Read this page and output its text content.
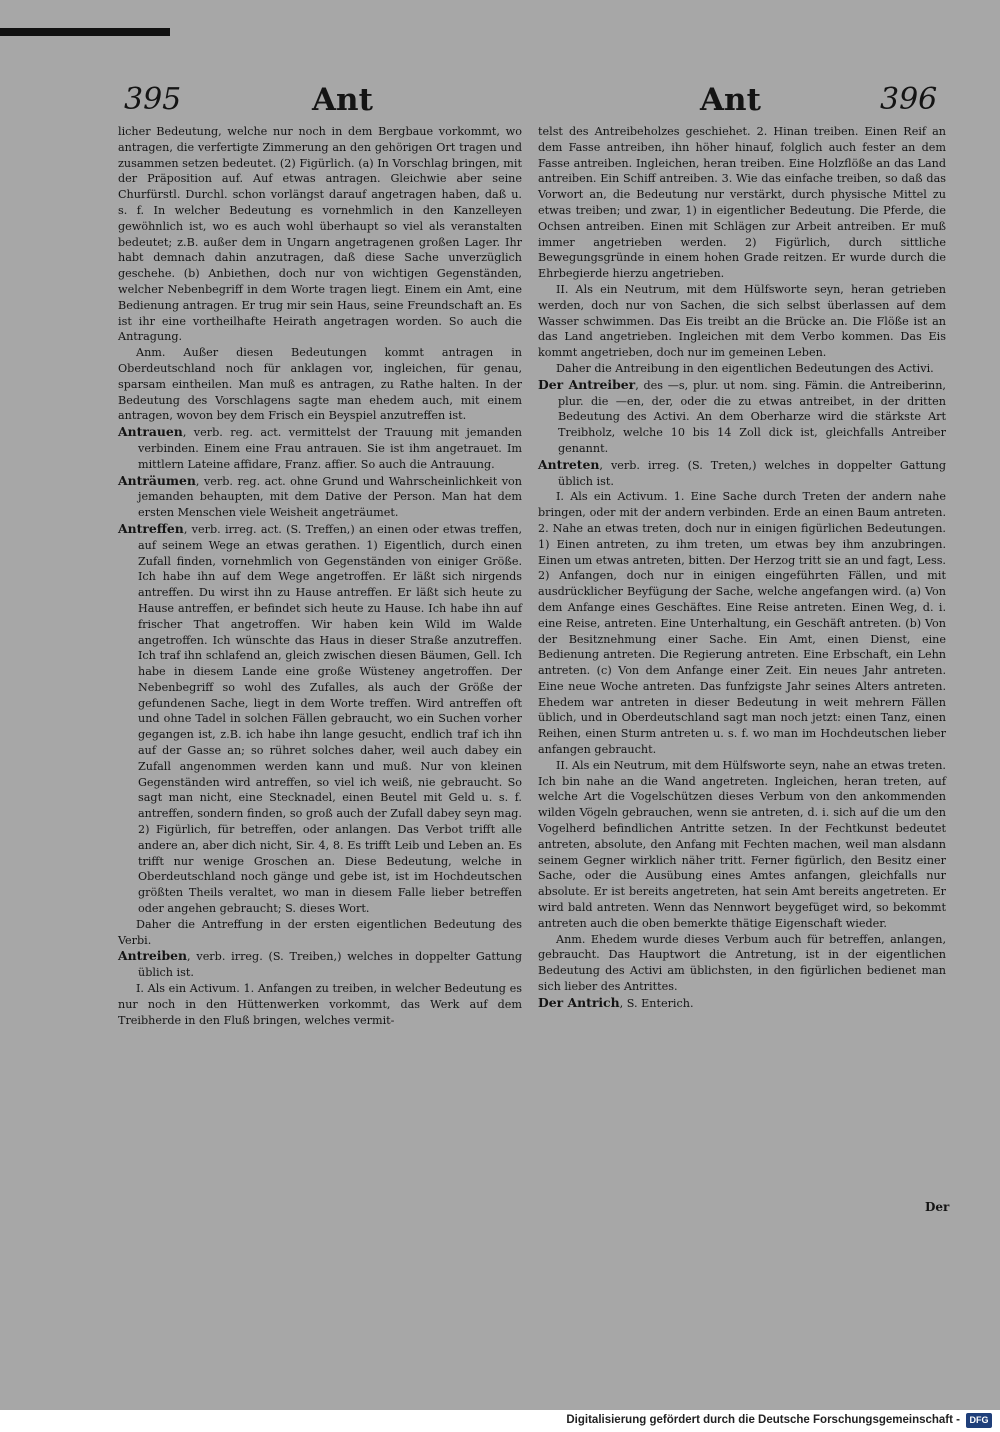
395	Ant	Ant	396

licher Bedeutung, welche nur noch in dem Bergbaue vorkommt, wo antragen, die verfertigte Zimmerung an den gehörigen Ort tragen und zusammen setzen bedeutet. (2) Figürlich. (a) In Vorschlag bringen, mit der Präposition auf. Auf etwas antragen. Gleichwie aber seine Churfürstl. Durchl. schon vorlängst darauf angetragen haben, daß u. s. f. In welcher Bedeutung es vornehmlich in den Kanzelleyen gewöhnlich ist, wo es auch wohl überhaupt so viel als veranstalten bedeutet; z.B. außer dem in Ungarn angetragenen großen Lager. Ihr habt demnach dahin anzutragen, daß diese Sache unverzüglich geschehe. (b) Anbiethen, doch nur von wichtigen Gegenständen, welcher Nebenbegriff in dem Worte tragen liegt. Einem ein Amt, eine Bedienung antragen. Er trug mir sein Haus, seine Freundschaft an. Es ist ihr eine vortheilhafte Heirath angetragen worden. So auch die Antragung.

Anm. Außer diesen Bedeutungen kommt antragen in Oberdeutschland noch für anklagen vor, ingleichen, für genau, sparsam eintheilen. Man muß es antragen, zu Rathe halten. In der Bedeutung des Vorschlagens sagte man ehedem auch, mit einem antragen, wovon bey dem Frisch ein Beyspiel anzutreffen ist.

Antrauen, verb. reg. act. vermittelst der Trauung mit jemanden verbinden. Einem eine Frau antrauen. Sie ist ihm angetrauet. Im mittlern Lateine affidare, Franz. affier. So auch die Antrauung.

Anträumen, verb. reg. act. ohne Grund und Wahrscheinlichkeit von jemanden behaupten, mit dem Dative der Person. Man hat dem ersten Menschen viele Weisheit angeträumet.

Antreffen, verb. irreg. act. (S. Treffen,) an einen oder etwas treffen, auf seinem Wege an etwas gerathen. 1) Eigentlich, durch einen Zufall finden, vornehmlich von Gegenständen von einiger Größe. Ich habe ihn auf dem Wege angetroffen. Er läßt sich nirgends antreffen. Du wirst ihn zu Hause antreffen. Er läßt sich heute zu Hause antreffen, er befindet sich heute zu Hause. Ich habe ihn auf frischer That angetroffen. Wir haben kein Wild im Walde angetroffen. Ich wünschte das Haus in dieser Straße anzutreffen. Ich traf ihn schlafend an, gleich zwischen diesen Bäumen, Gell. Ich habe in diesem Lande eine große Wüsteney angetroffen. Der Nebenbegriff so wohl des Zufalles, als auch der Größe der gefundenen Sache, liegt in dem Worte treffen. Wird antreffen oft und ohne Tadel in solchen Fällen gebraucht, wo ein Suchen vorher gegangen ist, z.B. ich habe ihn lange gesucht, endlich traf ich ihn auf der Gasse an; so rühret solches daher, weil auch dabey ein Zufall angenommen werden kann und muß. Nur von kleinen Gegenständen wird antreffen, so viel ich weiß, nie gebraucht. So sagt man nicht, eine Stecknadel, einen Beutel mit Geld u. s. f. antreffen, sondern finden, so groß auch der Zufall dabey seyn mag. 2) Figürlich, für betreffen, oder anlangen. Das Verbot trifft alle andere an, aber dich nicht, Sir. 4, 8. Es trifft Leib und Leben an. Es trifft nur wenige Groschen an. Diese Bedeutung, welche in Oberdeutschland noch gänge und gebe ist, ist im Hochdeutschen größten Theils veraltet, wo man in diesem Falle lieber betreffen oder angehen gebraucht; S. dieses Wort.

Daher die Antreffung in der ersten eigentlichen Bedeutung des Verbi.

Antreiben, verb. irreg. (S. Treiben,) welches in doppelter Gattung üblich ist.

I. Als ein Activum. 1. Anfangen zu treiben, in welcher Bedeutung es nur noch in den Hüttenwerken vorkommt, das Werk auf dem Treibherde in den Fluß bringen, welches vermit-

telst des Antreibeholzes geschiehet. 2. Hinan treiben. Einen Reif an dem Fasse antreiben, ihn höher hinauf, folglich auch fester an dem Fasse antreiben. Ingleichen, heran treiben. Eine Holzflöße an das Land antreiben. Ein Schiff antreiben. 3. Wie das einfache treiben, so daß das Vorwort an, die Bedeutung nur verstärkt, durch physische Mittel zu etwas treiben; und zwar, 1) in eigentlicher Bedeutung. Die Pferde, die Ochsen antreiben. Einen mit Schlägen zur Arbeit antreiben. Er muß immer angetrieben werden. 2) Figürlich, durch sittliche Bewegungsgründe in einem hohen Grade reitzen. Er wurde durch die Ehrbegierde hierzu angetrieben.

II. Als ein Neutrum, mit dem Hülfsworte seyn, heran getrieben werden, doch nur von Sachen, die sich selbst überlassen auf dem Wasser schwimmen. Das Eis treibt an die Brücke an. Die Flöße ist an das Land angetrieben. Ingleichen mit dem Verbo kommen. Das Eis kommt angetrieben, doch nur im gemeinen Leben.

Daher die Antreibung in den eigentlichen Bedeutungen des Activi.

Der Antreiber, des —s, plur. ut nom. sing. Fämin. die Antreiberinn, plur. die —en, der, oder die zu etwas antreibet, in der dritten Bedeutung des Activi. An dem Oberharze wird die stärkste Art Treibholz, welche 10 bis 14 Zoll dick ist, gleichfalls Antreiber genannt.

Antreten, verb. irreg. (S. Treten,) welches in doppelter Gattung üblich ist.

I. Als ein Activum. 1. Eine Sache durch Treten der andern nahe bringen, oder mit der andern verbinden. Erde an einen Baum antreten. 2. Nahe an etwas treten, doch nur in einigen figürlichen Bedeutungen. 1) Einen antreten, zu ihm treten, um etwas bey ihm anzubringen. Einen um etwas antreten, bitten. Der Herzog tritt sie an und fagt, Less. 2) Anfangen, doch nur in einigen eingeführten Fällen, und mit ausdrücklicher Beyfügung der Sache, welche angefangen wird. (a) Von dem Anfange eines Geschäftes. Eine Reise antreten. Einen Weg, d. i. eine Reise, antreten. Eine Unterhaltung, ein Geschäft antreten. (b) Von der Besitznehmung einer Sache. Ein Amt, einen Dienst, eine Bedienung antreten. Die Regierung antreten. Eine Erbschaft, ein Lehn antreten. (c) Von dem Anfange einer Zeit. Ein neues Jahr antreten. Eine neue Woche antreten. Das funfzigste Jahr seines Alters antreten. Ehedem war antreten in dieser Bedeutung in weit mehrern Fällen üblich, und in Oberdeutschland sagt man noch jetzt: einen Tanz, einen Reihen, einen Sturm antreten u. s. f. wo man im Hochdeutschen lieber anfangen gebraucht.

II. Als ein Neutrum, mit dem Hülfsworte seyn, nahe an etwas treten. Ich bin nahe an die Wand angetreten. Ingleichen, heran treten, auf welche Art die Vogelschützen dieses Verbum von den ankommenden wilden Vögeln gebrauchen, wenn sie antreten, d. i. sich auf die um den Vogelherd befindlichen Antritte setzen. In der Fechtkunst bedeutet antreten, absolute, den Anfang mit Fechten machen, weil man alsdann seinem Gegner wirklich näher tritt. Ferner figürlich, den Besitz einer Sache, oder die Ausübung eines Amtes anfangen, gleichfalls nur absolute. Er ist bereits angetreten, hat sein Amt bereits angetreten. Er wird bald antreten. Wenn das Nennwort beygefüget wird, so bekommt antreten auch die oben bemerkte thätige Eigenschaft wieder.

Anm. Ehedem wurde dieses Verbum auch für betreffen, anlangen, gebraucht. Das Hauptwort die Antretung, ist in der eigentlichen Bedeutung des Activi am üblichsten, in den figürlichen bedienet man sich lieber des Antrittes.

Der Antrich, S. Enterich.

Der
Digitalisierung gefördert durch die Deutsche Forschungsgemeinschaft -	DFG
